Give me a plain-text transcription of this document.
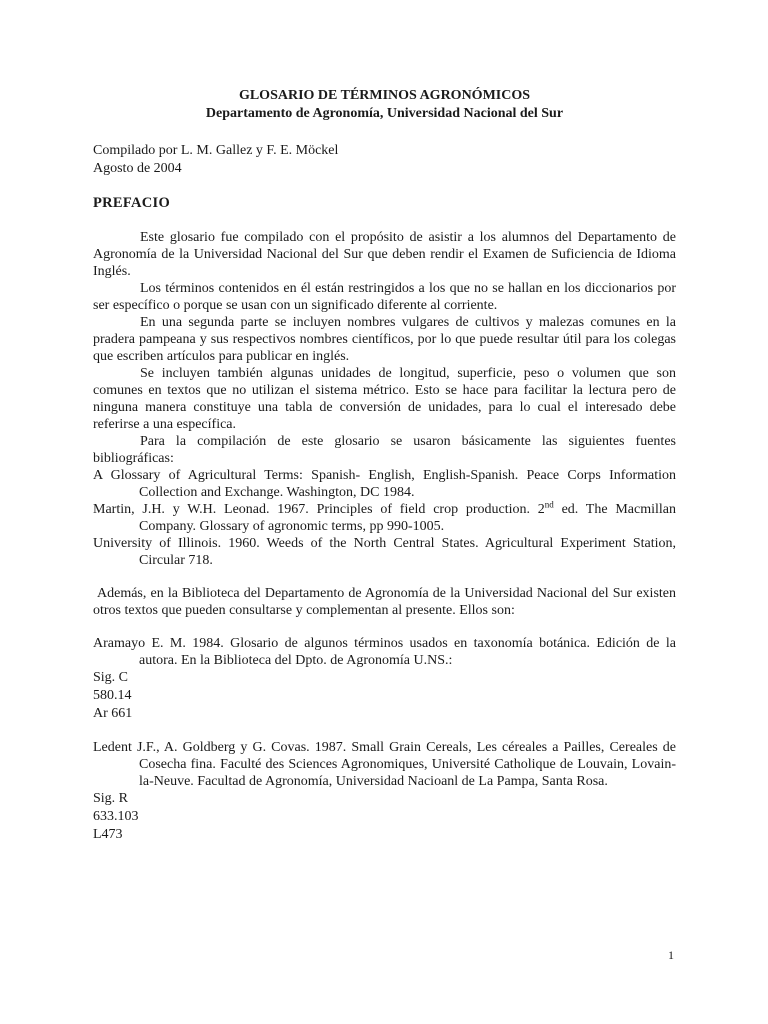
GLOSARIO DE TÉRMINOS AGRONÓMICOS

Departamento de Agronomía, Universidad Nacional del Sur

Compilado por L. M. Gallez y F. E. Möckel
Agosto de 2004
PREFACIO

Este glosario fue compilado con el propósito de asistir a los alumnos del Departamento de Agronomía de la Universidad Nacional del Sur que deben rendir el Examen de Suficiencia de Idioma Inglés.

Los términos contenidos en él están restringidos a los que no se hallan en los diccionarios por ser específico o porque se usan con un significado diferente al corriente.

En una segunda parte se incluyen nombres vulgares de cultivos y malezas comunes en la pradera pampeana y sus respectivos nombres científicos, por lo que puede resultar útil para los colegas que escriben artículos para publicar en inglés.

Se incluyen también algunas unidades de longitud, superficie, peso o volumen que son comunes en textos que no utilizan el sistema métrico. Esto se hace para facilitar la lectura pero de ninguna manera constituye una tabla de conversión de unidades, para lo cual el interesado debe referirse a una específica.

Para la compilación de este glosario se usaron básicamente las siguientes fuentes bibliográficas:

A Glossary of Agricultural Terms: Spanish- English, English-Spanish. Peace Corps Information Collection and Exchange. Washington, DC 1984.

Martin, J.H. y W.H. Leonad. 1967. Principles of field crop production. 2nd ed. The Macmillan Company. Glossary of agronomic terms, pp 990-1005.

University of Illinois. 1960. Weeds of the North Central States. Agricultural Experiment Station, Circular 718.

Además, en la Biblioteca del Departamento de Agronomía de la Universidad Nacional del Sur existen otros textos que pueden consultarse y complementan al presente. Ellos son:

Aramayo E. M. 1984. Glosario de algunos términos usados en taxonomía botánica. Edición de la autora. En la Biblioteca del Dpto. de Agronomía U.NS.:

Sig. C
580.14
Ar 661

Ledent J.F., A. Goldberg y G. Covas. 1987. Small Grain Cereals, Les céreales a Pailles, Cereales de Cosecha fina. Faculté des Sciences Agronomiques, Université Catholique de Louvain, Lovain-la-Neuve. Facultad de Agronomía, Universidad Nacioanl de La Pampa, Santa Rosa.

Sig. R
633.103
L473
1
